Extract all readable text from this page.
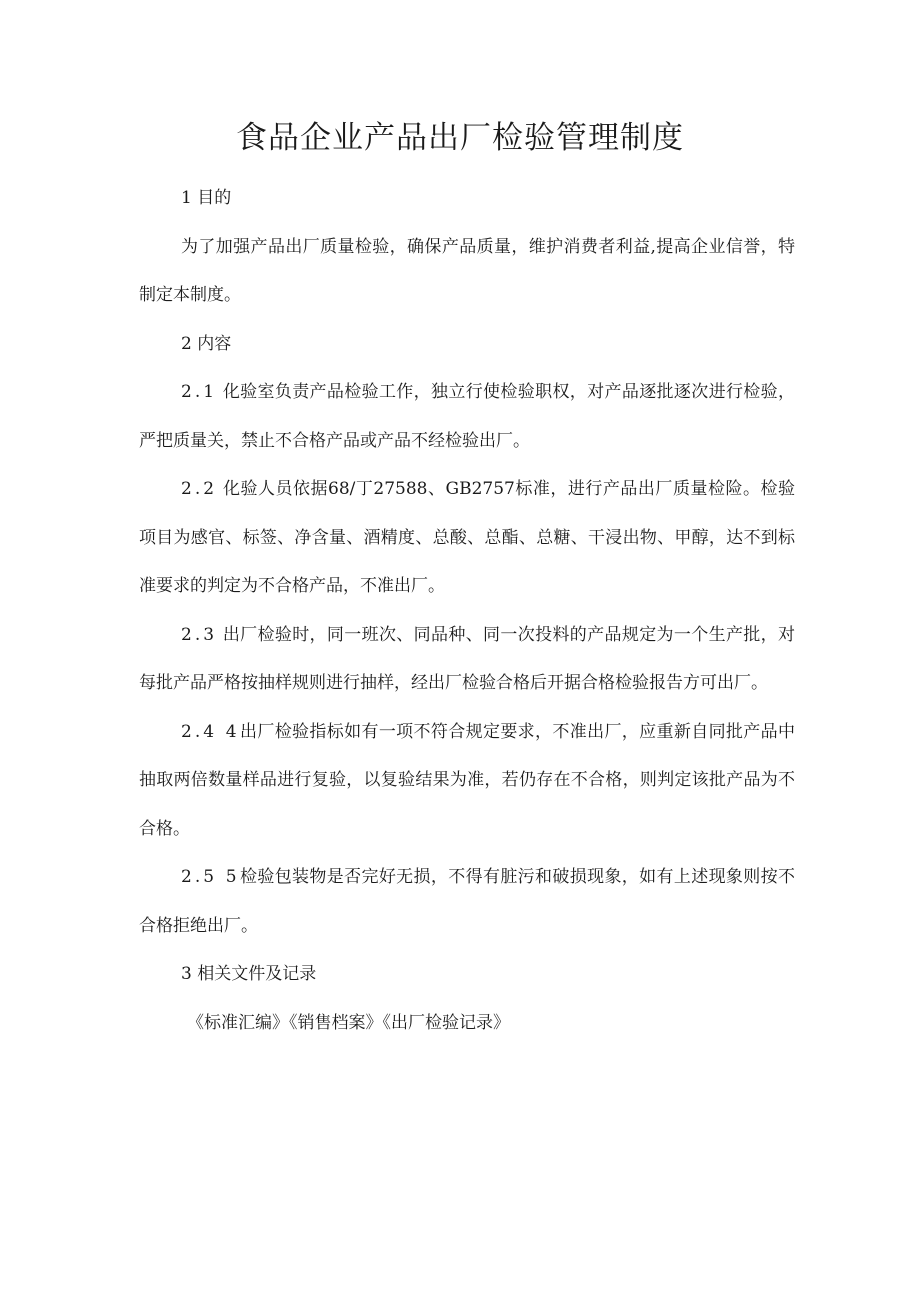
食品企业产品出厂检验管理制度

1 目的

为了加强产品出厂质量检验，确保产品质量，维护消费者利益,提高企业信誉，特制定本制度。

2 内容

2.1 化验室负责产品检验工作，独立行使检验职权，对产品逐批逐次进行检验，严把质量关，禁止不合格产品或产品不经检验出厂。

2.2 化验人员依据68/丁27588、GB2757标准，进行产品出厂质量检险。检验项目为感官、标签、净含量、酒精度、总酸、总酯、总糖、干浸出物、甲醇，达不到标准要求的判定为不合格产品，不准出厂。

2.3 出厂检验时，同一班次、同品种、同一次投料的产品规定为一个生产批，对每批产品严格按抽样规则进行抽样，经出厂检验合格后开据合格检验报告方可出厂。

2.4 4出厂检验指标如有一项不符合规定要求，不准出厂，应重新自同批产品中抽取两倍数量样品进行复验，以复验结果为准，若仍存在不合格，则判定该批产品为不合格。

2.5 5检验包装物是否完好无损，不得有脏污和破损现象，如有上述现象则按不合格拒绝出厂。

3 相关文件及记录

《标准汇编》《销售档案》《出厂检验记录》
